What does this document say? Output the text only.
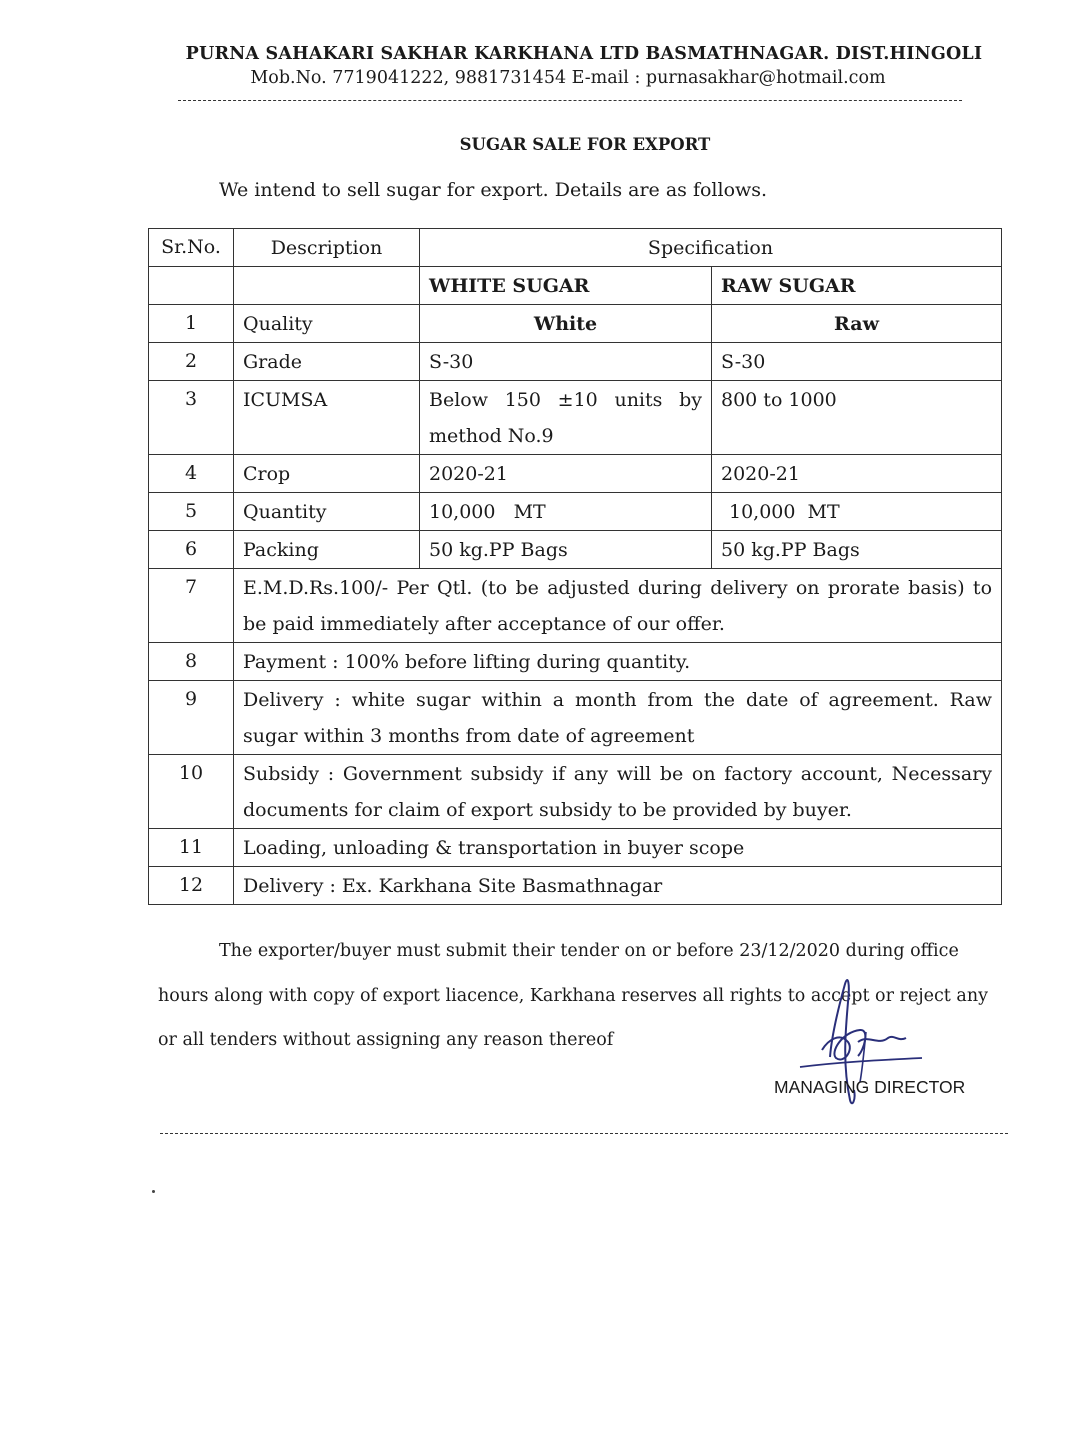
PURNA SAHAKARI SAKHAR KARKHANA LTD BASMATHNAGAR. DIST.HINGOLI
Mob.No. 7719041222, 9881731454 E-mail : purnasakhar@hotmail.com
SUGAR SALE FOR EXPORT
We intend to sell sugar for export. Details are as follows.
Sr.No.	Description	Specification	
		WHITE SUGAR	RAW SUGAR
1	Quality	White	Raw
2	Grade	S-30	S-30
3	ICUMSA	Below 150 ±10 units by method No.9	800 to 1000
4	Crop	2020-21	2020-21
5	Quantity	10,000   MT	10,000  MT
6	Packing	50 kg.PP Bags	50 kg.PP Bags
7	E.M.D.Rs.100/- Per Qtl. (to be adjusted during delivery on prorate basis) to be paid immediately after acceptance of our offer.		
8	Payment : 100% before lifting during quantity.		
9	Delivery : white sugar within a month from the date of agreement. Raw sugar within 3 months from date of agreement		
10	Subsidy : Government subsidy if any will be on factory account, Necessary documents for claim of export subsidy to be provided by buyer.		
11	Loading, unloading & transportation in buyer scope		
12	Delivery : Ex. Karkhana Site Basmathnagar		
The exporter/buyer must submit their tender on or before 23/12/2020 during office
hours along with copy of export liacence, Karkhana reserves all rights to accept or reject any
or all tenders without assigning any reason thereof
MANAGING DIRECTOR
